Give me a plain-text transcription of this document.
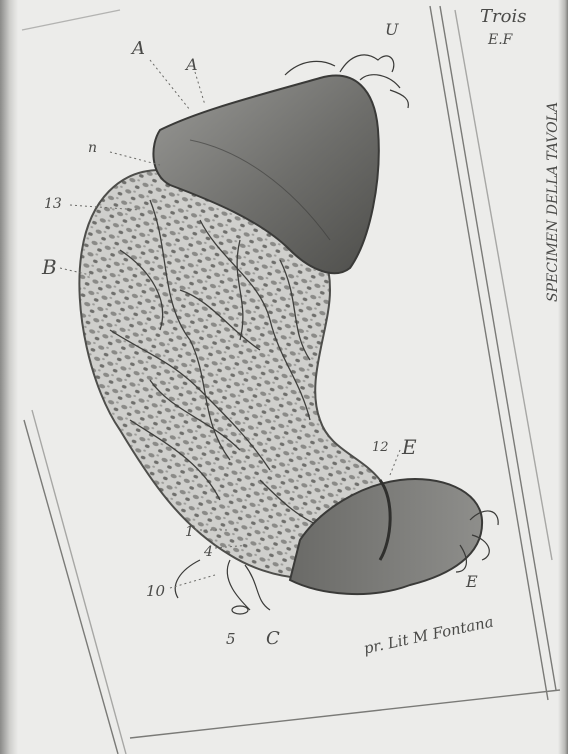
A
A
U
n
13
B
12 E
E
1
4
10
5 C
Trois
E.F
SPECIMEN DELLA TAVOLA
pr. Lit M Fontana
